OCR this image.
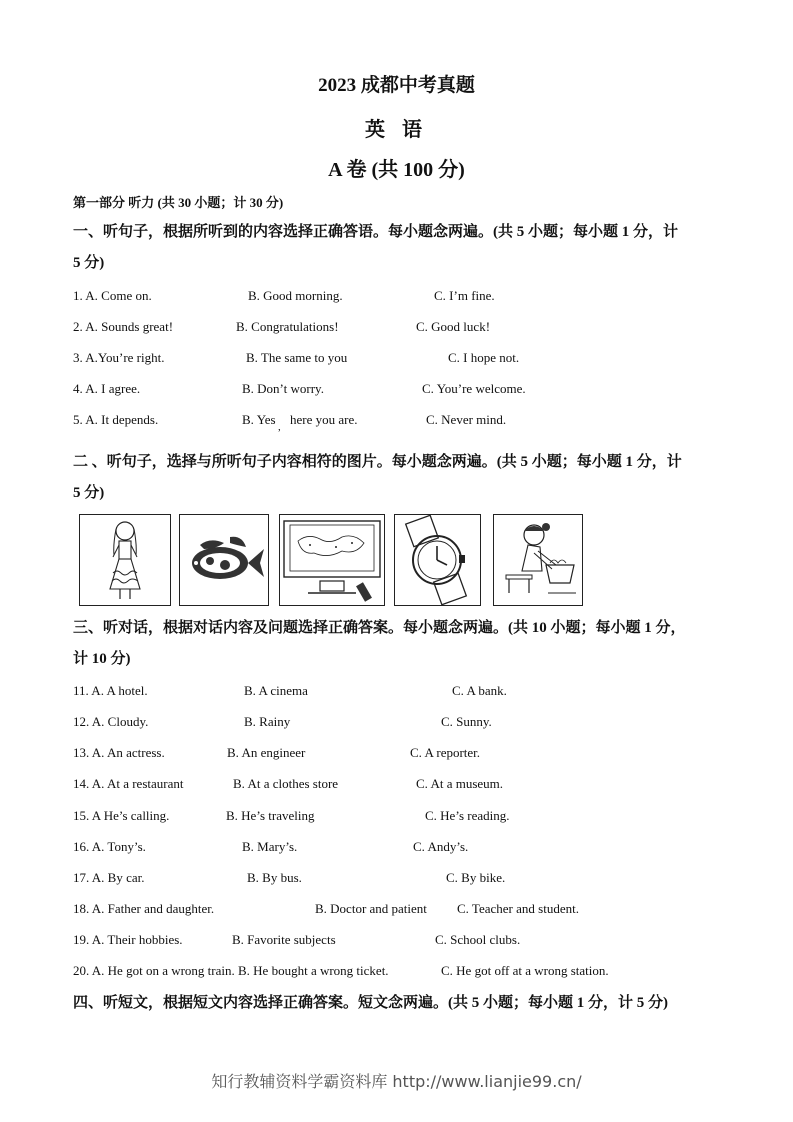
2023 成都中考真题
英 语
A 卷 (共 100 分)
第一部分 听力 (共 30 小题；计 30 分)
一、听句子，根据所听到的内容选择正确答语。每小题念两遍。(共 5 小题；每小题 1 分，计
5 分)
1. A. Come on.	B. Good morning.	C. I’m fine.
2. A. Sounds great!	B. Congratulations!	C. Good luck!
3. A.You’re right.	B. The same to you	C. I hope not.
4. A. I agree.	B. Don’t worry.	C. You’re welcome.
5. A. It depends.	B. Yes , here you are.	C. Never mind.
二 、听句子，选择与所听句子内容相符的图片。每小题念两遍。(共 5 小题；每小题 1 分，计
5 分)
三、听对话，根据对话内容及问题选择正确答案。每小题念两遍。(共 10 小题；每小题 1 分，
计 10 分)
11. A. A hotel.	B. A cinema	C. A bank.
12. A. Cloudy.	B. Rainy	C. Sunny.
13. A. An actress.	B. An engineer	C. A reporter.
14. A. At a restaurant	B. At a clothes store	C. At a museum.
15. A He’s calling.	B. He’s traveling	C. He’s reading.
16. A. Tony’s.	B. Mary’s.	C. Andy’s.
17. A. By car.	B. By bus.	C. By bike.
18. A. Father and daughter.	B. Doctor and patient C. Teacher and student.
19. A. Their hobbies.	B. Favorite subjects	C. School clubs.
20. A. He got on a wrong train. B. He bought a wrong ticket.	C. He got off at a wrong station.
四、听短文，根据短文内容选择正确答案。短文念两遍。(共 5 小题；每小题 1 分，计 5 分)
知行教辅资料学霸资料库 http://www.lianjie99.cn/
